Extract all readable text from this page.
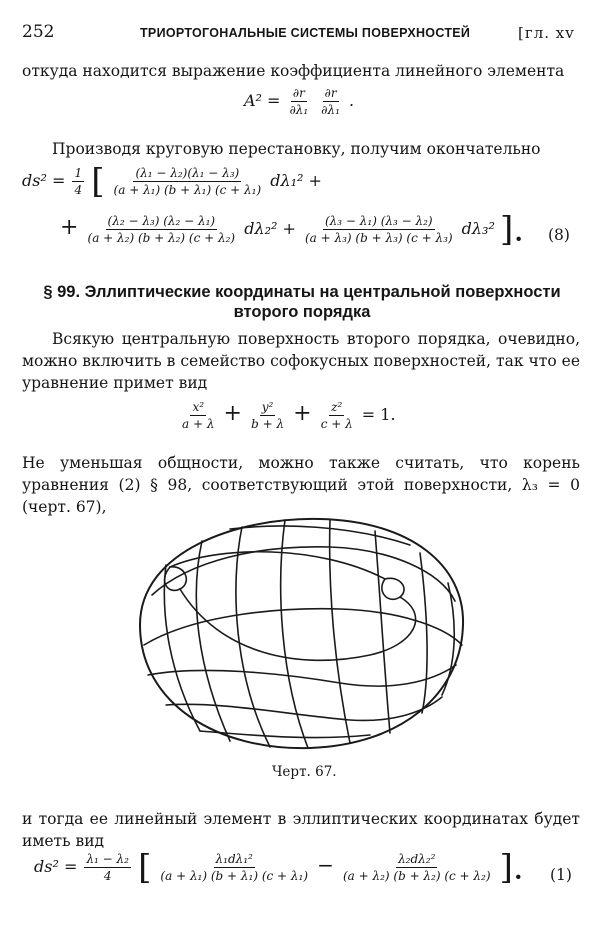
252	ТРИОРТОГОНАЛЬНЫЕ СИСТЕМЫ ПОВЕРХНОСТЕЙ	[гл. xv
откуда находится выражение коэффициента линейного элемента
$A^2 = \frac{\partial r}{\text{∂λ₁}}$
$\frac{\partial r}{\text{∂λ₁}}$ .
Производя круговую перестановку, получим окончательно
$ds^2 = \frac{1}{4}$ [ $\frac{\text{(λ₁ − λ₂)(λ₁ − λ₃)}}{\text{(a + λ₁) (b + λ₁) (c + λ₁)}} d\lambda_1^2$ +
+ $\frac{\text{(λ₂ − λ₃) (λ₂ − λ₁)}}{\text{(a + λ₂) (b + λ₂) (c + λ₂)}} d\lambda_2^2 + \frac{\text{(λ₃ − λ₁) (λ₃ − λ₂)}}{\text{(a + λ₃) (b + λ₃) (c + λ₃)}} d\lambda_3^2$ ]. (8)
§ 99. Эллиптические координаты на центральной поверхности
второго порядка
Всякую центральную поверхность второго порядка, очевидно, можно включить в семейство софокусных поверхностей, так что ее уравнение примет вид
$\frac{\text{x²}}{a + \lambda} + \frac{\text{y²}}{b + \lambda} + \frac{\text{z²}}{c + \lambda} = 1$.
Не уменьшая общности, можно также считать, что корень уравнения (2) § 98, соответствующий этой поверхности, λ₃ = 0 (черт. 67),
Черт. 67.
и тогда ее линейный элемент в эллиптических координатах будет иметь вид
$ds^2 = \frac{\text{λ₁ − λ₂}}{4}$ [ $\frac{\text{λ₁dλ₁²}}{\text{(a + λ₁) (b + λ₁) (c + λ₁)}} - \frac{\text{λ₂dλ₂²}}{\text{(a + λ₂) (b + λ₂) (c + λ₂)}}$ ]. (1)
